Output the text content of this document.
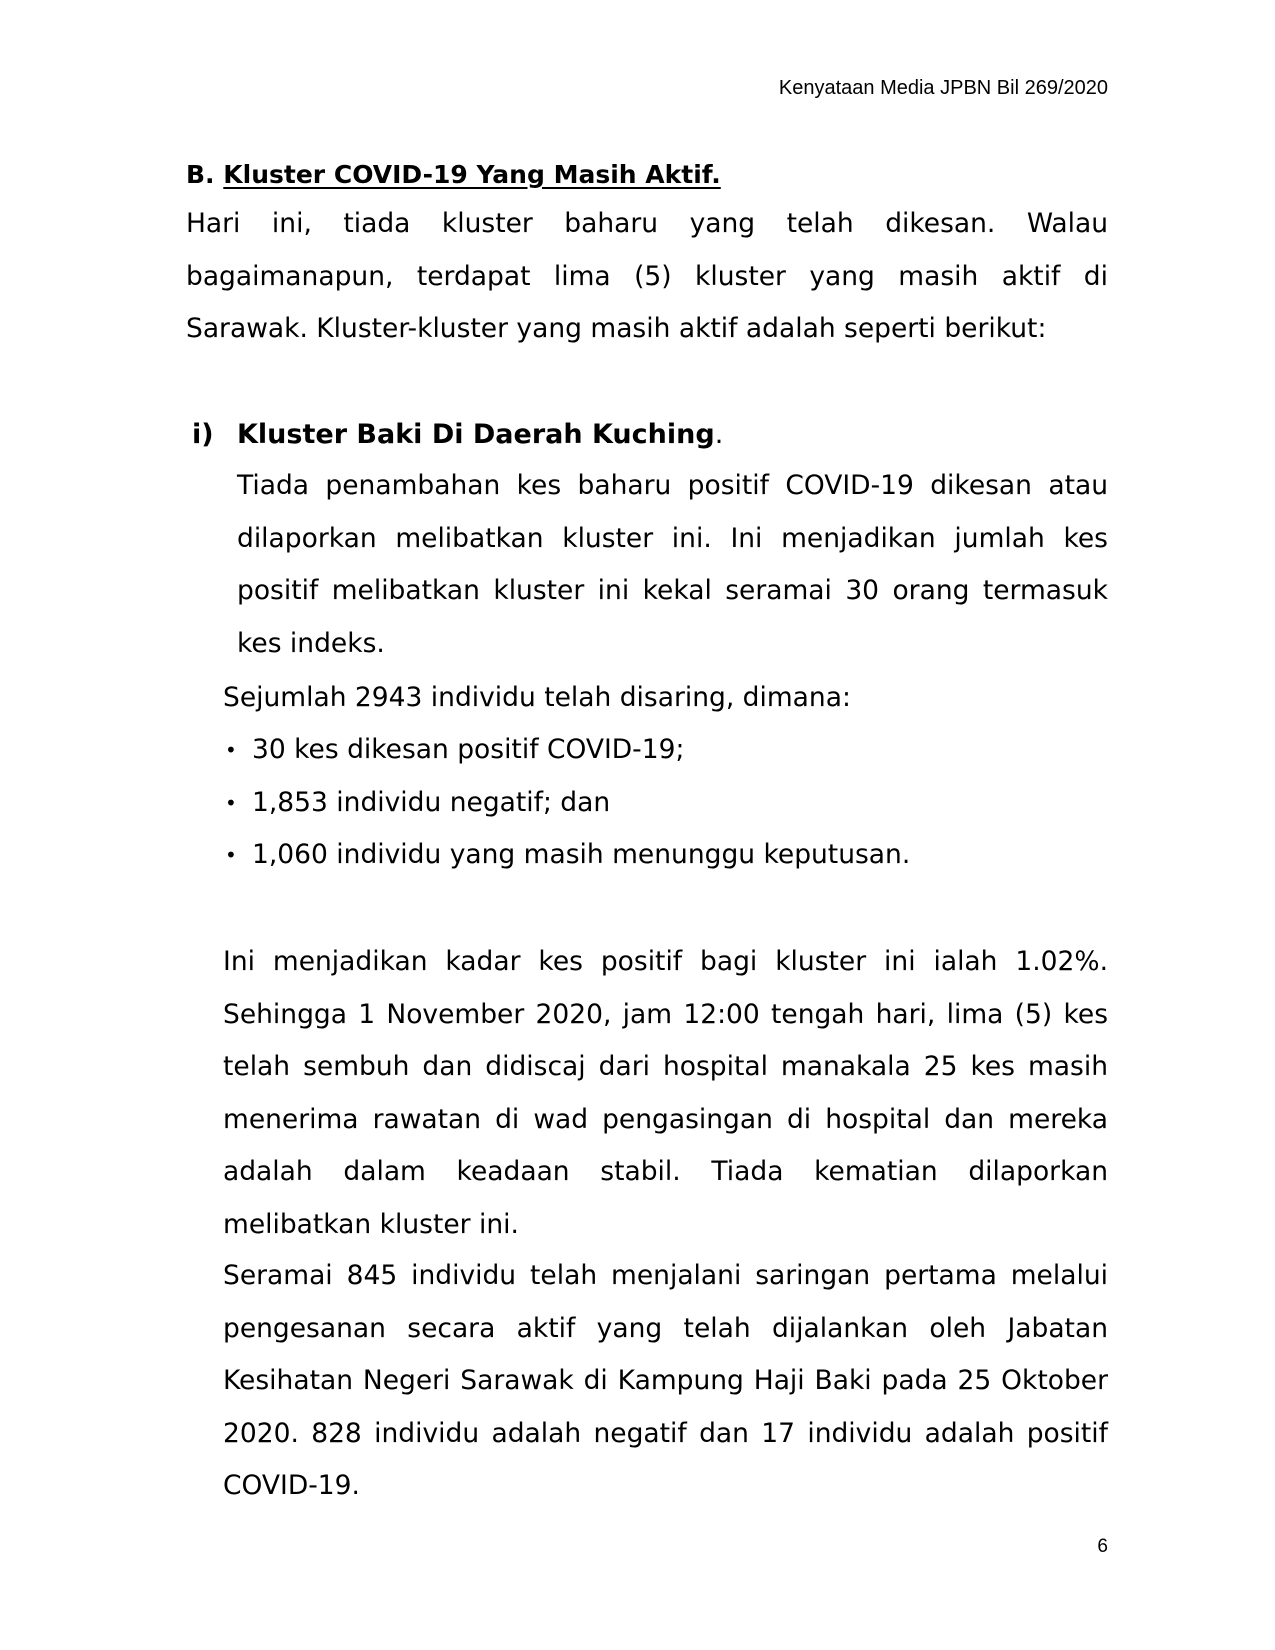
Kenyataan Media JPBN Bil 269/2020
B. Kluster COVID-19 Yang Masih Aktif.

Hari ini, tiada kluster baharu yang telah dikesan. Walau bagaimanapun, terdapat lima (5) kluster yang masih aktif di Sarawak. Kluster-kluster yang masih aktif adalah seperti berikut:

i) Kluster Baki Di Daerah Kuching.

Tiada penambahan kes baharu positif COVID-19 dikesan atau dilaporkan melibatkan kluster ini. Ini menjadikan jumlah kes positif melibatkan kluster ini kekal seramai 30 orang termasuk kes indeks.

Sejumlah 2943 individu telah disaring, dimana:

• 30 kes dikesan positif COVID-19;
• 1,853 individu negatif; dan
• 1,060 individu yang masih menunggu keputusan.

Ini menjadikan kadar kes positif bagi kluster ini ialah 1.02%. Sehingga 1 November 2020, jam 12:00 tengah hari, lima (5) kes telah sembuh dan didiscaj dari hospital manakala 25 kes masih menerima rawatan di wad pengasingan di hospital dan mereka adalah dalam keadaan stabil. Tiada kematian dilaporkan melibatkan kluster ini.

Seramai 845 individu telah menjalani saringan pertama melalui pengesanan secara aktif yang telah dijalankan oleh Jabatan Kesihatan Negeri Sarawak di Kampung Haji Baki pada 25 Oktober 2020. 828 individu adalah negatif dan 17 individu adalah positif COVID-19.

6
